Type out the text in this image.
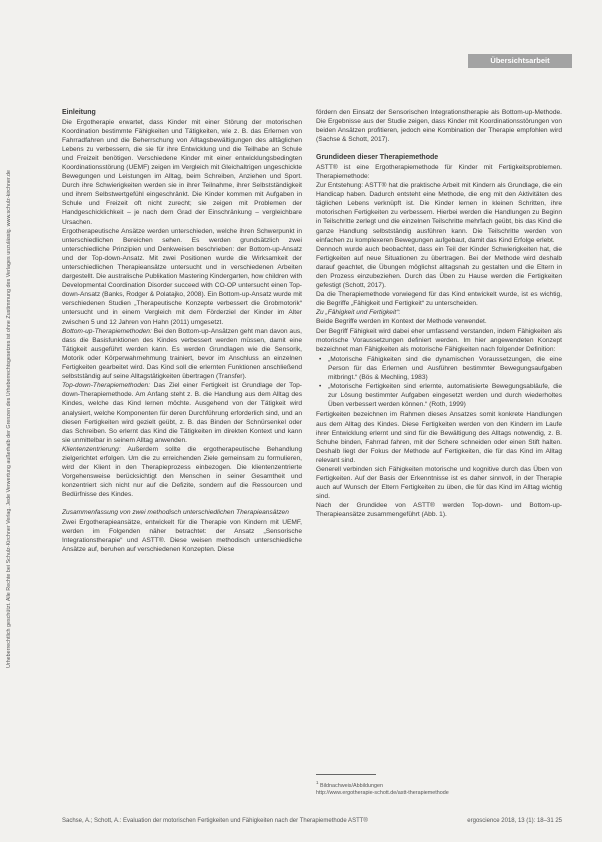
Übersichtsarbeit
Urheberrechtlich geschützt. Alle Rechte bei Schulz-Kirchner Verlag. Jede Verwertung außerhalb der Grenzen des Urheberrechtsgesetzes ist ohne Zustimmung des Verlages unzulässig. www.schulz-kirchner.de

Einleitung

Die Ergotherapie erwartet, dass Kinder mit einer Störung der motorischen Koordination bestimmte Fähigkeiten und Tätigkeiten, wie z. B. das Erlernen von Fahrradfahren und die Beherrschung von Alltagsbewältigungen des alltäglichen Lebens zu verbessern, die sie für ihre Entwicklung und die Teilhabe an Schule und Freizeit benötigen. Verschiedene Kinder mit einer entwicklungsbedingten Koordinationsstörung (UEMF) zeigen im Vergleich mit Gleichaltrigen ungeschickte Bewegungen und Leistungen im Alltag, beim Schreiben, Anziehen und Sport. Durch ihre Schwierigkeiten werden sie in ihrer Teilnahme, ihrer Selbstständigkeit und ihrem Selbstwertgefühl eingeschränkt. Die Kinder kommen mit Aufgaben in Schule und Freizeit oft nicht zurecht; sie zeigen mit Problemen der Handgeschicklichkeit – je nach dem Grad der Einschränkung – vergleichbare Ursachen.

Ergotherapeutische Ansätze werden unterschieden, welche ihren Schwerpunkt in unterschiedlichen Bereichen sehen. Es werden grundsätzlich zwei unterschiedliche Prinzipien und Denkweisen beschrieben: der Bottom-up-Ansatz und der Top-down-Ansatz. Mit zwei Positionen wurde die Wirksamkeit der unterschiedlichen Therapieansätze untersucht und in verschiedenen Arbeiten dargestellt. Die australische Publikation Mastering Kindergarten, how children with Developmental Coordination Disorder succeed with CO-OP untersucht einen Top-down-Ansatz (Banks, Rodger & Polatajko, 2008). Ein Bottom-up-Ansatz wurde mit verschiedenen Studien „Therapeutische Konzepte verbessert die Grobmotorik“ untersucht und in einem Vergleich mit dem Förderziel der Kinder im Alter zwischen 5 und 12 Jahren von Hahn (2011) umgesetzt.

Bottom-up-Therapiemethoden: Bei den Bottom-up-Ansätzen geht man davon aus, dass die Basisfunktionen des Kindes verbessert werden müssen, damit eine Tätigkeit ausgeführt werden kann. Es werden Grundlagen wie die Sensorik, Motorik oder Körperwahrnehmung trainiert, bevor im Anschluss an einzelnen Fertigkeiten gearbeitet wird. Das Kind soll die erlernten Funktionen anschließend selbstständig auf seine Alltagstätigkeiten übertragen (Transfer).

Top-down-Therapiemethoden: Das Ziel einer Fertigkeit ist Grundlage der Top-down-Therapiemethode. Am Anfang steht z. B. die Handlung aus dem Alltag des Kindes, welche das Kind lernen möchte. Ausgehend von der Tätigkeit wird analysiert, welche Komponenten für deren Durchführung erforderlich sind, und an diesen Fertigkeiten wird gezielt geübt, z. B. das Binden der Schnürsenkel oder das Schreiben. So erlernt das Kind die Tätigkeiten im direkten Kontext und kann sie unmittelbar in seinem Alltag anwenden.

Klientenzentrierung: Außerdem sollte die ergotherapeutische Behandlung zielgerichtet erfolgen. Um die zu erreichenden Ziele gemeinsam zu formulieren, wird der Klient in den Therapieprozess einbezogen. Die klientenzentrierte Vorgehensweise berücksichtigt den Menschen in seiner Gesamtheit und konzentriert sich nicht nur auf die Defizite, sondern auf die Ressourcen und Bedürfnisse des Kindes.

Zusammenfassung von zwei methodisch unterschiedlichen Therapieansätzen

Zwei Ergotherapieansätze, entwickelt für die Therapie von Kindern mit UEMF, werden im Folgenden näher betrachtet: der Ansatz „Sensorische Integrationstherapie“ und ASTT®. Diese weisen methodisch unterschiedliche Ansätze auf, beruhen auf verschiedenen Konzepten. Diese

fördern den Einsatz der Sensorischen Integrationstherapie als Bottom-up-Methode. Die Ergebnisse aus der Studie zeigen, dass Kinder mit Koordinationsstörungen von beiden Ansätzen profitieren, jedoch eine Kombination der Therapie empfohlen wird (Sachse & Schott, 2017).

Grundideen dieser Therapiemethode

ASTT® ist eine Ergotherapiemethode für Kinder mit Fertigkeitsproblemen. Therapiemethode:

Zur Entstehung: ASTT® hat die praktische Arbeit mit Kindern als Grundlage, die ein Handicap haben. Dadurch entsteht eine Methode, die eng mit den Aktivitäten des täglichen Lebens verknüpft ist. Die Kinder lernen in kleinen Schritten, ihre motorischen Fertigkeiten zu verbessern. Hierbei werden die Handlungen zu Beginn in Teilschritte zerlegt und die einzelnen Teilschritte mehrfach geübt, bis das Kind die ganze Handlung selbstständig ausführen kann. Die Teilschritte werden von einfachen zu komplexeren Bewegungen aufgebaut, damit das Kind Erfolge erlebt.

Dennoch wurde auch beobachtet, dass ein Teil der Kinder Schwierigkeiten hat, die Fertigkeiten auf neue Situationen zu übertragen. Bei der Methode wird deshalb darauf geachtet, die Übungen möglichst alltagsnah zu gestalten und die Eltern in den Prozess einzubeziehen. Durch das Üben zu Hause werden die Fertigkeiten gefestigt (Schott, 2017).

Da die Therapiemethode vorwiegend für das Kind entwickelt wurde, ist es wichtig, die Begriffe „Fähigkeit und Fertigkeit“ zu unterscheiden.

Zu „Fähigkeit und Fertigkeit“:

Beide Begriffe werden im Kontext der Methode verwendet.

Der Begriff Fähigkeit wird dabei eher umfassend verstanden, indem Fähigkeiten als motorische Voraussetzungen definiert werden. Im hier angewendeten Konzept bezeichnet man Fähigkeiten als motorische Fähigkeiten nach folgender Definition:

• „Motorische Fähigkeiten sind die dynamischen Voraussetzungen, die eine Person für das Erlernen und Ausführen bestimmter Bewegungsaufgaben mitbringt.“ (Bös & Mechling, 1983)
• „Motorische Fertigkeiten sind erlernte, automatisierte Bewegungsabläufe, die zur Lösung bestimmter Aufgaben eingesetzt werden und durch wiederholtes Üben verbessert werden können.“ (Roth, 1999)

Fertigkeiten bezeichnen im Rahmen dieses Ansatzes somit konkrete Handlungen aus dem Alltag des Kindes. Diese Fertigkeiten werden von den Kindern im Laufe ihrer Entwicklung erlernt und sind für die Bewältigung des Alltags notwendig, z. B. Schuhe binden, Fahrrad fahren, mit der Schere schneiden oder einen Stift halten. Deshalb liegt der Fokus der Methode auf Fertigkeiten, die für das Kind im Alltag relevant sind.

Generell verbinden sich Fähigkeiten motorische und kognitive durch das Üben von Fertigkeiten. Auf der Basis der Erkenntnisse ist es daher sinnvoll, in der Therapie auch auf Wunsch der Eltern Fertigkeiten zu üben, die für das Kind im Alltag wichtig sind.

Nach der Grundidee von ASTT® werden Top-down- und Bottom-up-Therapieansätze zusammengeführt (Abb. 1).

$^1$ Bildnachweis/Abbildungen
http://www.ergotherapie-schott.de/astt-therapiemethode
Sachse, A.; Schott, A.: Evaluation der motorischen Fertigkeiten und Fähigkeiten nach der Therapiemethode ASTT®	ergoscience 2018, 13 (1): 18–31 25
